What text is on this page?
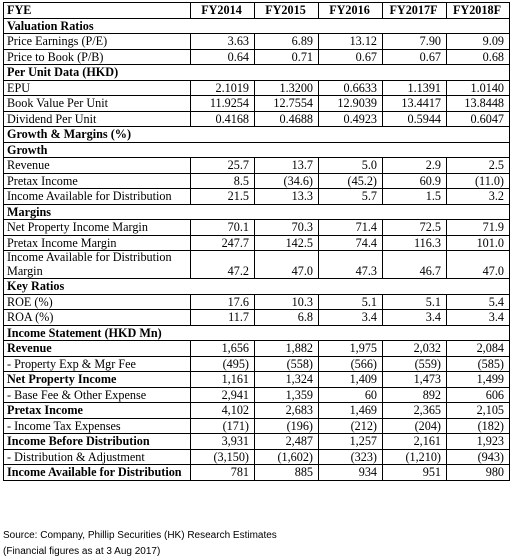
FYE	FY2014	FY2015	FY2016	FY2017F	FY2018F
Valuation Ratios					
Price Earnings (P/E)	3.63	6.89	13.12	7.90	9.09
Price to Book (P/B)	0.64	0.71	0.67	0.67	0.68
Per Unit Data (HKD)					
EPU	2.1019	1.3200	0.6633	1.1391	1.0140
Book Value Per Unit	11.9254	12.7554	12.9039	13.4417	13.8448
Dividend Per Unit	0.4168	0.4688	0.4923	0.5944	0.6047
Growth & Margins (%)					
Growth					
Revenue	25.7	13.7	5.0	2.9	2.5
Pretax Income	8.5	(34.6)	(45.2)	60.9	(11.0)
Income Available for Distribution	21.5	13.3	5.7	1.5	3.2
Margins					
Net Property Income Margin	70.1	70.3	71.4	72.5	71.9
Pretax Income Margin	247.7	142.5	74.4	116.3	101.0
Income Available for Distribution Margin	47.2	47.0	47.3	46.7	47.0
Key Ratios					
ROE (%)	17.6	10.3	5.1	5.1	5.4
ROA (%)	11.7	6.8	3.4	3.4	3.4
Income Statement (HKD Mn)					
Revenue	1,656	1,882	1,975	2,032	2,084
- Property Exp & Mgr Fee	(495)	(558)	(566)	(559)	(585)
Net Property Income	1,161	1,324	1,409	1,473	1,499
- Base Fee & Other Expense	2,941	1,359	60	892	606
Pretax Income	4,102	2,683	1,469	2,365	2,105
- Income Tax Expenses	(171)	(196)	(212)	(204)	(182)
Income Before Distribution	3,931	2,487	1,257	2,161	1,923
- Distribution & Adjustment	(3,150)	(1,602)	(323)	(1,210)	(943)
Income Available for Distribution	781	885	934	951	980
Source: Company, Phillip Securities (HK) Research Estimates
(Financial figures as at 3 Aug 2017)
